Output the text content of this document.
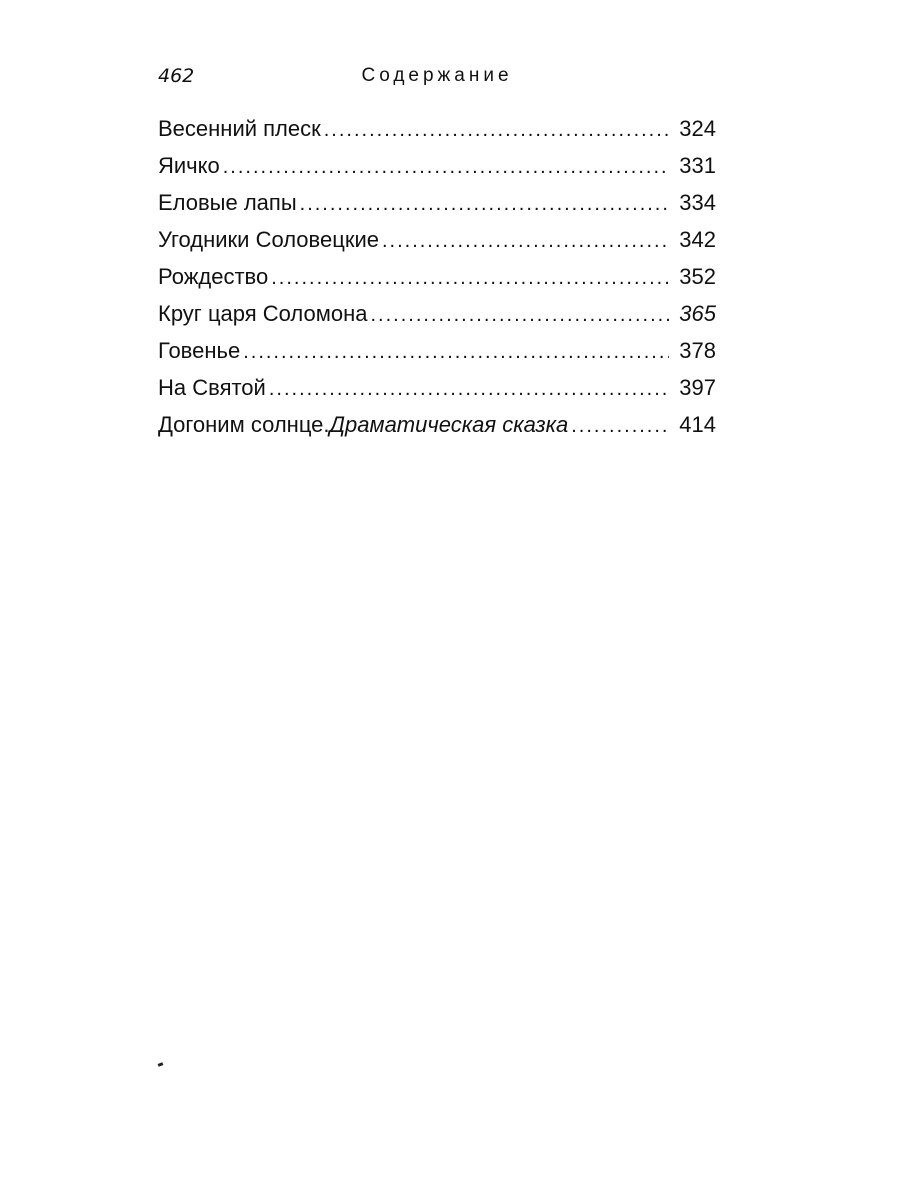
462	Содержание
Весенний плеск .....	324
Яичко .....	331
Еловые лапы .....	334
Угодники Соловецкие .....	342
Рождество .....	352
Круг царя Соломона .....	365
Говенье .....	378
На Святой .....	397
Догоним солнце. Драматическая сказка .....	414
